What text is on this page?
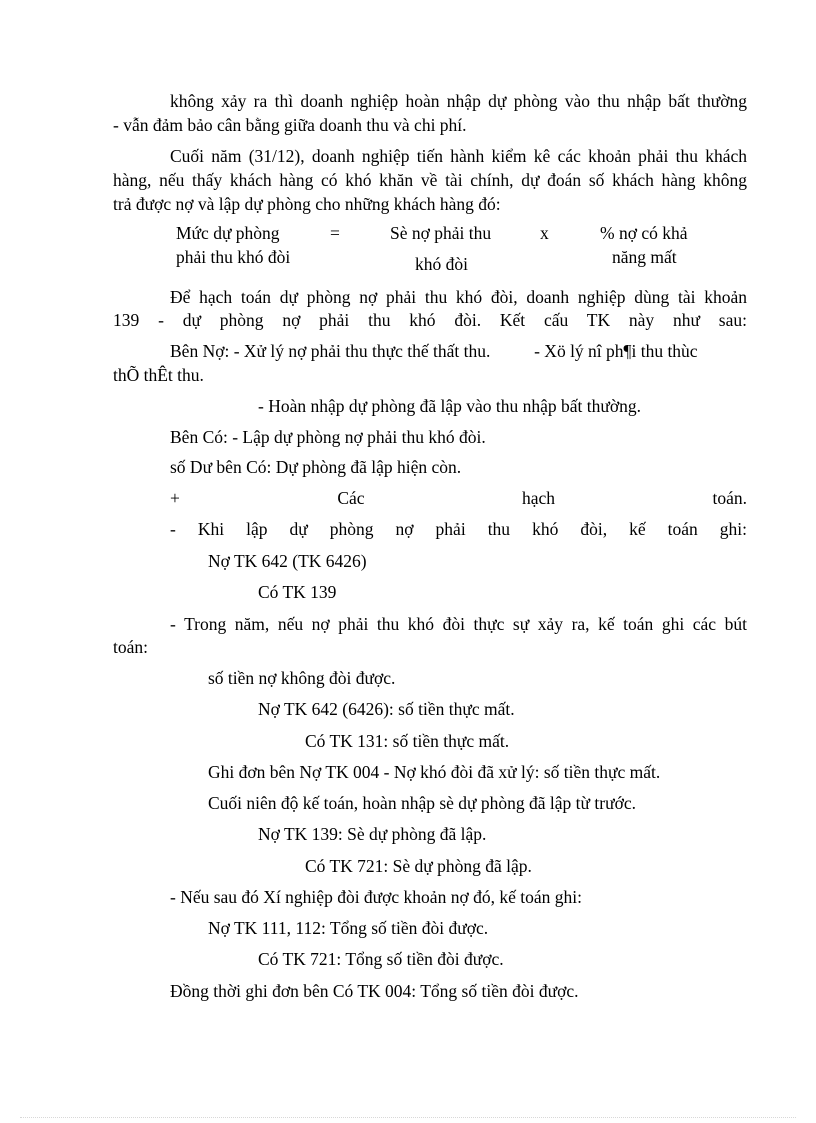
không xảy ra thì doanh nghiệp hoàn nhập dự phòng vào thu nhập bất thường
- vẫn đảm bảo cân bằng giữa doanh thu và chi phí.
Cuối năm (31/12), doanh nghiệp tiến hành kiểm kê các khoản phải thu khách
hàng, nếu thấy khách hàng có khó khăn về tài chính, dự đoán số khách hàng không
trả được nợ và lập dự phòng cho những khách hàng đó:
Mức dự phòng
phải thu khó đòi
=	Sè nợ phải thu
khó đòi
x	% nợ có khả
năng mất
Để hạch toán dự phòng nợ phải thu khó đòi, doanh nghiệp dùng tài khoản
139 - dự phòng nợ phải thu khó đòi. Kết cấu TK này như sau:
Bên Nợ: - Xử lý nợ phải thu thực thế thất thu.          - Xö lý nî ph¶i thu thùc
thÕ thÊt thu.
- Hoàn nhập dự phòng đã lập vào thu nhập bất thường.
Bên Có: - Lập dự phòng nợ phải thu khó đòi.
số Dư bên Có: Dự phòng đã lập hiện còn.
+ Các hạch toán.
- Khi lập dự phòng nợ phải thu khó đòi, kế toán ghi:
Nợ TK 642 (TK 6426)
Có TK 139
- Trong năm, nếu nợ phải thu khó đòi thực sự xảy ra, kế toán ghi các bút
toán:
số tiền nợ không đòi được.
Nợ TK 642 (6426): số tiền thực mất.
Có TK 131: số tiền thực mất.
Ghi đơn bên Nợ TK 004 - Nợ khó đòi đã xử lý: số tiền thực mất.
Cuối niên độ kế toán, hoàn nhập sè dự phòng đã lập từ trước.
Nợ TK 139: Sè dự phòng đã lập.
Có TK 721: Sè dự phòng đã lập.
- Nếu sau đó Xí nghiệp đòi được khoản nợ đó, kế toán ghi:
Nợ TK 111, 112: Tổng số tiền đòi được.
Có TK 721: Tổng số tiền đòi được.
Đồng thời ghi đơn bên Có TK 004: Tổng số tiền đòi được.
